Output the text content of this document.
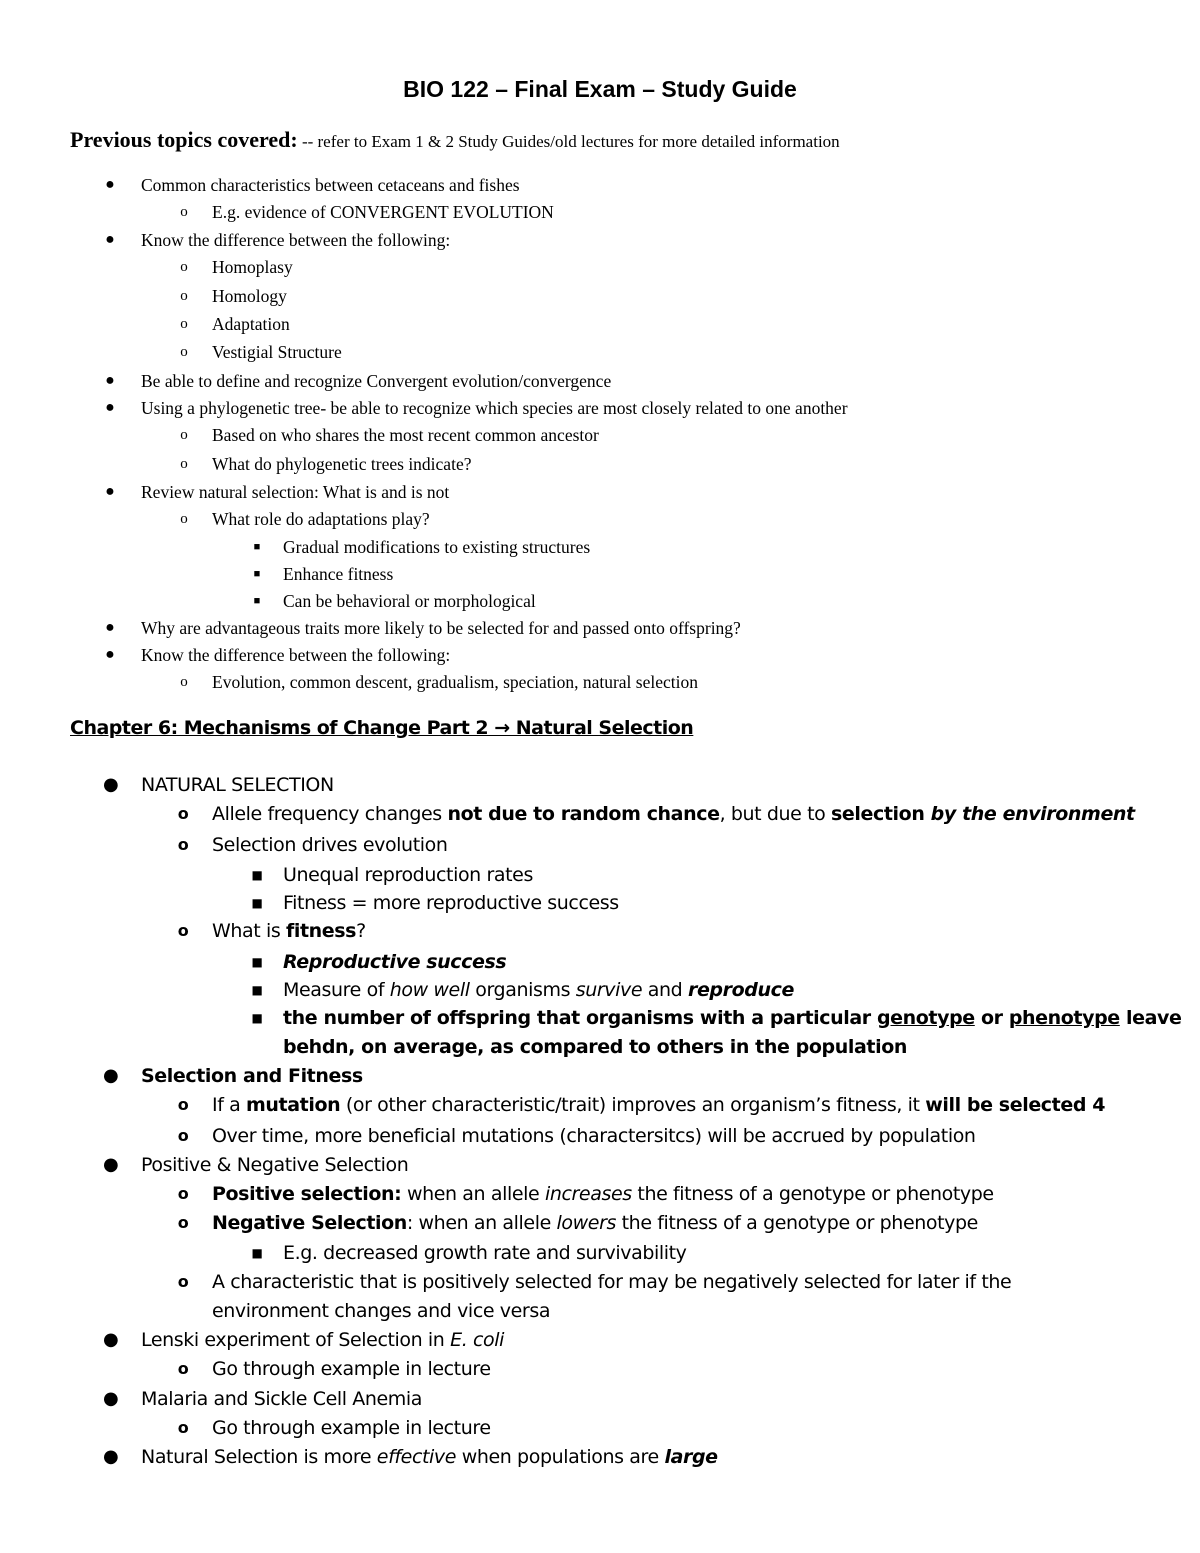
BIO 122 – Final Exam – Study Guide
Previous topics covered: -- refer to Exam 1 & 2 Study Guides/old lectures for more detailed information
● Common characteristics between cetaceans and fishes
o E.g. evidence of CONVERGENT EVOLUTION
● Know the difference between the following:
o Homoplasy
o Homology
o Adaptation
o Vestigial Structure
● Be able to define and recognize Convergent evolution/convergence
● Using a phylogenetic tree- be able to recognize which species are most closely related to one another
o Based on who shares the most recent common ancestor
o What do phylogenetic trees indicate?
● Review natural selection: What is and is not
o What role do adaptations play?
■ Gradual modifications to existing structures
■ Enhance fitness
■ Can be behavioral or morphological
● Why are advantageous traits more likely to be selected for and passed onto offspring?
● Know the difference between the following:
o Evolution, common descent, gradualism, speciation, natural selection
Chapter 6: Mechanisms of Change Part 2 → Natural Selection
● NATURAL SELECTION
o Allele frequency changes not due to random chance, but due to selection by the environment
o Selection drives evolution
■ Unequal reproduction rates
■ Fitness = more reproductive success
o What is fitness?
■ Reproductive success
■ Measure of how well organisms survive and reproduce
■ the number of offspring that organisms with a particular genotype or phenotype leave
behdn, on average, as compared to others in the population
● Selection and Fitness
o If a mutation (or other characteristic/trait) improves an organism’s fitness, it will be selected 4
o Over time, more beneficial mutations (charactersitcs) will be accrued by population
● Positive & Negative Selection
o Positive selection: when an allele increases the fitness of a genotype or phenotype
o Negative Selection: when an allele lowers the fitness of a genotype or phenotype
■ E.g. decreased growth rate and survivability
o A characteristic that is positively selected for may be negatively selected for later if the
environment changes and vice versa
● Lenski experiment of Selection in E. coli
o Go through example in lecture
● Malaria and Sickle Cell Anemia
o Go through example in lecture
● Natural Selection is more effective when populations are large
